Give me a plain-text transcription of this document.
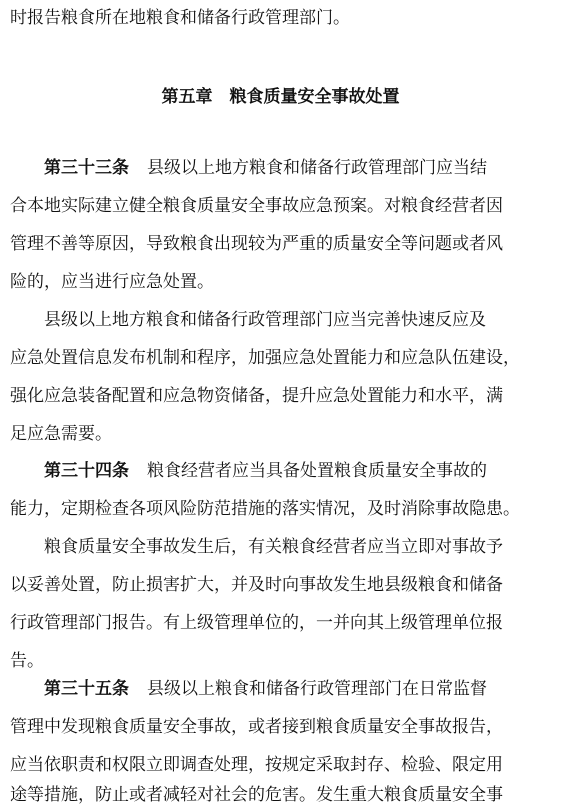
时报告粮食所在地粮食和储备行政管理部门。
第五章　粮食质量安全事故处置
第三十三条 县级以上地方粮食和储备行政管理部门应当结
合本地实际建立健全粮食质量安全事故应急预案。对粮食经营者因
管理不善等原因，导致粮食出现较为严重的质量安全等问题或者风
险的，应当进行应急处置。
县级以上地方粮食和储备行政管理部门应当完善快速反应及
应急处置信息发布机制和程序，加强应急处置能力和应急队伍建设，
强化应急装备配置和应急物资储备，提升应急处置能力和水平，满
足应急需要。
第三十四条 粮食经营者应当具备处置粮食质量安全事故的
能力，定期检查各项风险防范措施的落实情况，及时消除事故隐患。
粮食质量安全事故发生后，有关粮食经营者应当立即对事故予
以妥善处置，防止损害扩大，并及时向事故发生地县级粮食和储备
行政管理部门报告。有上级管理单位的，一并向其上级管理单位报
告。
第三十五条 县级以上粮食和储备行政管理部门在日常监督
管理中发现粮食质量安全事故，或者接到粮食质量安全事故报告，
应当依职责和权限立即调查处理，按规定采取封存、检验、限定用
途等措施，防止或者减轻对社会的危害。发生重大粮食质量安全事
